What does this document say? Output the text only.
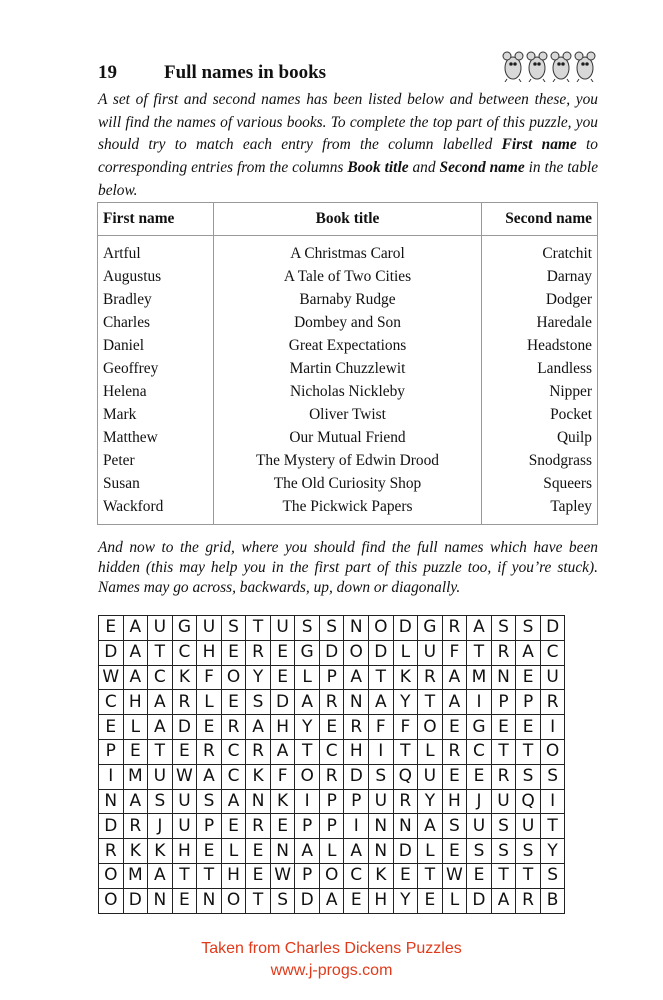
19 Full names in books
A set of first and second names has been listed below and between these, you will find the names of various books. To complete the top part of this puzzle, you should try to match each entry from the column labelled First name to corresponding entries from the columns Book title and Second name in the table below.
First name	Book title	Second name

Artful	A Christmas Carol	Cratchit
Augustus	A Tale of Two Cities	Darnay
Bradley	Barnaby Rudge	Dodger
Charles	Dombey and Son	Haredale
Daniel	Great Expectations	Headstone
Geoffrey	Martin Chuzzlewit	Landless
Helena	Nicholas Nickleby	Nipper
Mark	Oliver Twist	Pocket
Matthew	Our Mutual Friend	Quilp
Peter	The Mystery of Edwin Drood	Snodgrass
Susan	The Old Curiosity Shop	Squeers
Wackford	The Pickwick Papers	Tapley
And now to the grid, where you should find the full names which have been hidden (this may help you in the first part of this puzzle too, if you’re stuck). Names may go across, backwards, up, down or diagonally.
E	A	U	G	U	S	T	U	S	S	N	O	D	G	R	A	S	S	D
D	A	T	C	H	E	R	E	G	D	O	D	L	U	F	T	R	A	C
W	A	C	K	F	O	Y	E	L	P	A	T	K	R	A	M	N	E	U
C	H	A	R	L	E	S	D	A	R	N	A	Y	T	A	I	P	P	R
E	L	A	D	E	R	A	H	Y	E	R	F	F	O	E	G	E	E	I
P	E	T	E	R	C	R	A	T	C	H	I	T	L	R	C	T	T	O
I	M	U	W	A	C	K	F	O	R	D	S	Q	U	E	E	R	S	S
N	A	S	U	S	A	N	K	I	P	P	U	R	Y	H	J	U	Q	I
D	R	J	U	P	E	R	E	P	P	I	N	N	A	S	U	S	U	T
R	K	K	H	E	L	E	N	A	L	A	N	D	L	E	S	S	S	Y
O	M	A	T	T	H	E	W	P	O	C	K	E	T	W	E	T	T	S
O	D	N	E	N	O	T	S	D	A	E	H	Y	E	L	D	A	R	B
Taken from Charles Dickens Puzzles
www.j-progs.com
